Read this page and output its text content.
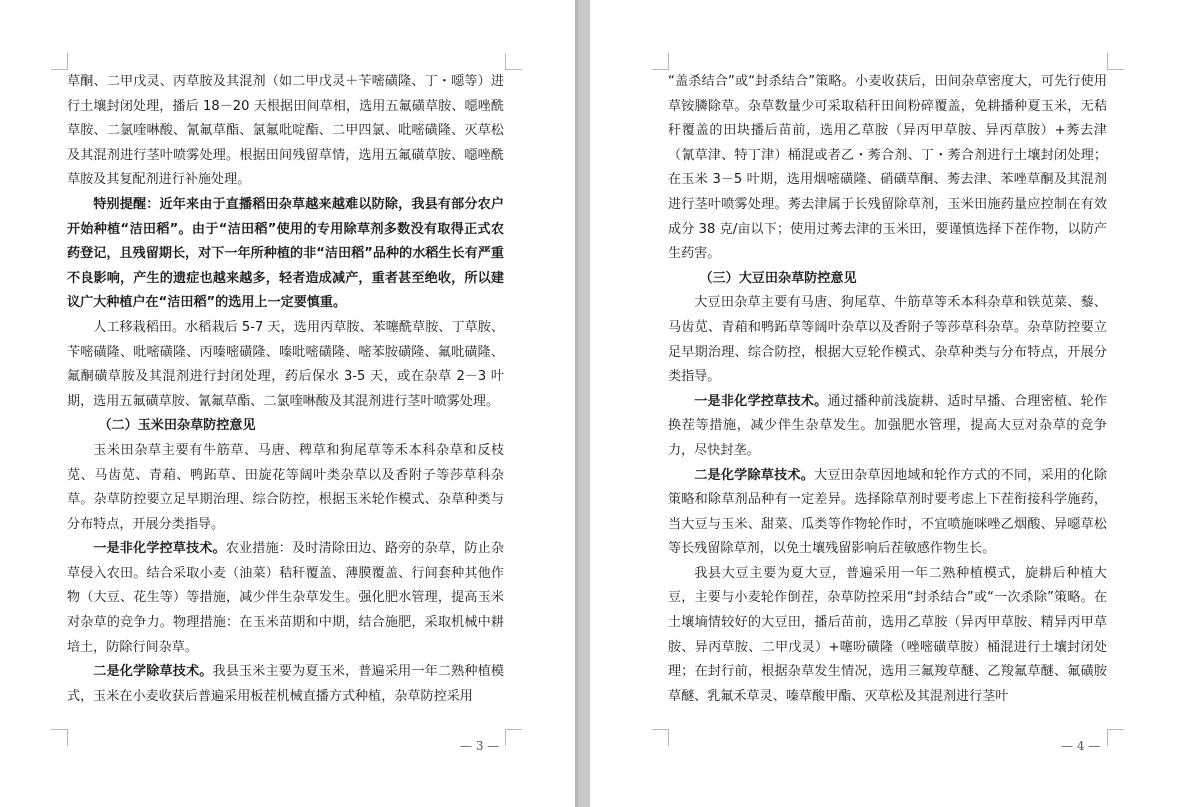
草酮、二甲戊灵、丙草胺及其混剂（如二甲戊灵＋苄嘧磺隆、丁・噁等）进行土壤封闭处理，播后 18－20 天根据田间草相，选用五氟磺草胺、噁唑酰草胺、二氯喹啉酸、氰氟草酯、氯氟吡啶酯、二甲四氯、吡嘧磺隆、灭草松及其混剂进行茎叶喷雾处理。根据田间残留草情，选用五氟磺草胺、噁唑酰草胺及其复配剂进行补施处理。

特别提醒：近年来由于直播稻田杂草越来越难以防除，我县有部分农户开始种植“洁田稻”。由于“洁田稻”使用的专用除草剂多数没有取得正式农药登记，且残留期长，对下一年所种植的非“洁田稻”品种的水稻生长有严重不良影响，产生的遗症也越来越多，轻者造成减产，重者甚至绝收，所以建议广大种植户在“洁田稻”的选用上一定要慎重。

人工移栽稻田。水稻栽后 5-7 天，选用丙草胺、苯噻酰草胺、丁草胺、苄嘧磺隆、吡嘧磺隆、丙嗪嘧磺隆、嗪吡嘧磺隆、嘧苯胺磺隆、氟吡磺隆、氟酮磺草胺及其混剂进行封闭处理，药后保水 3-5 天，或在杂草 2－3 叶期，选用五氟磺草胺、氰氟草酯、二氯喹啉酸及其混剂进行茎叶喷雾处理。

（二）玉米田杂草防控意见

玉米田杂草主要有牛筋草、马唐、稗草和狗尾草等禾本科杂草和反枝苋、马齿苋、青葙、鸭跖草、田旋花等阔叶类杂草以及香附子等莎草科杂草。杂草防控要立足早期治理、综合防控，根据玉米轮作模式、杂草种类与分布特点，开展分类指导。

一是非化学控草技术。农业措施：及时清除田边、路旁的杂草，防止杂草侵入农田。结合采取小麦（油菜）秸秆覆盖、薄膜覆盖、行间套种其他作物（大豆、花生等）等措施，减少伴生杂草发生。强化肥水管理，提高玉米对杂草的竞争力。物理措施：在玉米苗期和中期，结合施肥，采取机械中耕培土，防除行间杂草。

二是化学除草技术。我县玉米主要为夏玉米，普遍采用一年二熟种植模式，玉米在小麦收获后普遍采用板茬机械直播方式种植，杂草防控采用

— 3 —

“盖杀结合”或“封杀结合”策略。小麦收获后，田间杂草密度大，可先行使用草铵膦除草。杂草数量少可采取秸秆田间粉碎覆盖，免耕播种夏玉米，无秸秆覆盖的田块播后苗前，选用乙草胺（异丙甲草胺、异丙草胺）+莠去津（氰草津、特丁津）桶混或者乙・莠合剂、丁・莠合剂进行土壤封闭处理；在玉米 3－5 叶期，选用烟嘧磺隆、硝磺草酮、莠去津、苯唑草酮及其混剂进行茎叶喷雾处理。莠去津属于长残留除草剂，玉米田施药量应控制在有效成分 38 克/亩以下；使用过莠去津的玉米田，要谨慎选择下茬作物，以防产生药害。

（三）大豆田杂草防控意见

大豆田杂草主要有马唐、狗尾草、牛筋草等禾本科杂草和铁苋菜、藜、马齿苋、青葙和鸭跖草等阔叶杂草以及香附子等莎草科杂草。杂草防控要立足早期治理、综合防控，根据大豆轮作模式、杂草种类与分布特点，开展分类指导。

一是非化学控草技术。通过播种前浅旋耕、适时早播、合理密植、轮作换茬等措施，减少伴生杂草发生。加强肥水管理，提高大豆对杂草的竞争力，尽快封垄。

二是化学除草技术。大豆田杂草因地域和轮作方式的不同，采用的化除策略和除草剂品种有一定差异。选择除草剂时要考虑上下茬衔接科学施药，当大豆与玉米、甜菜、瓜类等作物轮作时，不宜喷施咪唑乙烟酸、异噁草松等长残留除草剂，以免土壤残留影响后茬敏感作物生长。

我县大豆主要为夏大豆，普遍采用一年二熟种植模式，旋耕后种植大豆，主要与小麦轮作倒茬，杂草防控采用“封杀结合”或“一次杀除”策略。在土壤墒情较好的大豆田，播后苗前，选用乙草胺（异丙甲草胺、精异丙甲草胺、异丙草胺、二甲戊灵）+噻吩磺隆（唑嘧磺草胺）桶混进行土壤封闭处理；在封行前，根据杂草发生情况，选用三氟羧草醚、乙羧氟草醚、氟磺胺草醚、乳氟禾草灵、嗪草酸甲酯、灭草松及其混剂进行茎叶

— 4 —
